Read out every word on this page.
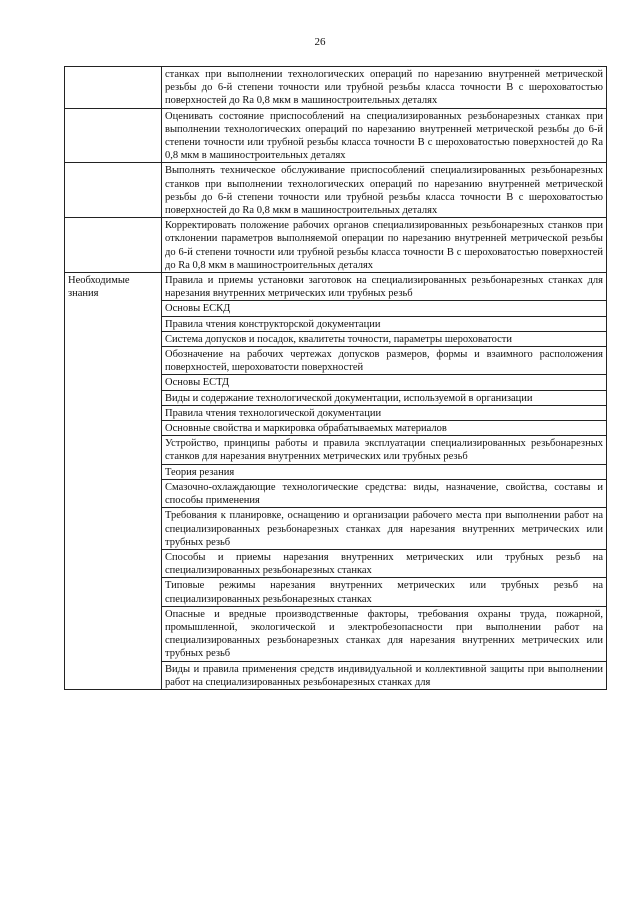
26
	станках при выполнении технологических операций по нарезанию внутренней метрической резьбы до 6-й степени точности или трубной резьбы класса точности В с шероховатостью поверхностей до Ra 0,8 мкм в машиностроительных деталях
	Оценивать состояние приспособлений на специализированных резьбонарезных станках при выполнении технологических операций по нарезанию внутренней метрической резьбы до 6-й степени точности или трубной резьбы класса точности В с шероховатостью поверхностей до Ra 0,8 мкм в машиностроительных деталях
	Выполнять техническое обслуживание приспособлений специализированных резьбонарезных станков при выполнении технологических операций по нарезанию внутренней метрической резьбы до 6-й степени точности или трубной резьбы класса точности В с шероховатостью поверхностей до Ra 0,8 мкм в машиностроительных деталях
	Корректировать положение рабочих органов специализированных резьбонарезных станков при отклонении параметров выполняемой операции по нарезанию внутренней метрической резьбы до 6-й степени точности или трубной резьбы класса точности В с шероховатостью поверхностей до Ra 0,8 мкм в машиностроительных деталях
Необходимые знания	Правила и приемы установки заготовок на специализированных резьбонарезных станках для нарезания внутренних метрических или трубных резьб
	Основы ЕСКД
	Правила чтения конструкторской документации
	Система допусков и посадок, квалитеты точности, параметры шероховатости
	Обозначение на рабочих чертежах допусков размеров, формы и взаимного расположения поверхностей, шероховатости поверхностей
	Основы ЕСТД
	Виды и содержание технологической документации, используемой в организации
	Правила чтения технологической документации
	Основные свойства и маркировка обрабатываемых материалов
	Устройство, принципы работы и правила эксплуатации специализированных резьбонарезных станков для нарезания внутренних метрических или трубных резьб
	Теория резания
	Смазочно-охлаждающие технологические средства: виды, назначение, свойства, составы и способы применения
	Требования к планировке, оснащению и организации рабочего места при выполнении работ на специализированных резьбонарезных станках для нарезания внутренних метрических или трубных резьб
	Способы и приемы нарезания внутренних метрических или трубных резьб на специализированных резьбонарезных станках
	Типовые режимы нарезания внутренних метрических или трубных резьб на специализированных резьбонарезных станках
	Опасные и вредные производственные факторы, требования охраны труда, пожарной, промышленной, экологической и электробезопасности при выполнении работ на специализированных резьбонарезных станках для нарезания внутренних метрических или трубных резьб
	Виды и правила применения средств индивидуальной и коллективной защиты при выполнении работ на специализированных резьбонарезных станках для
